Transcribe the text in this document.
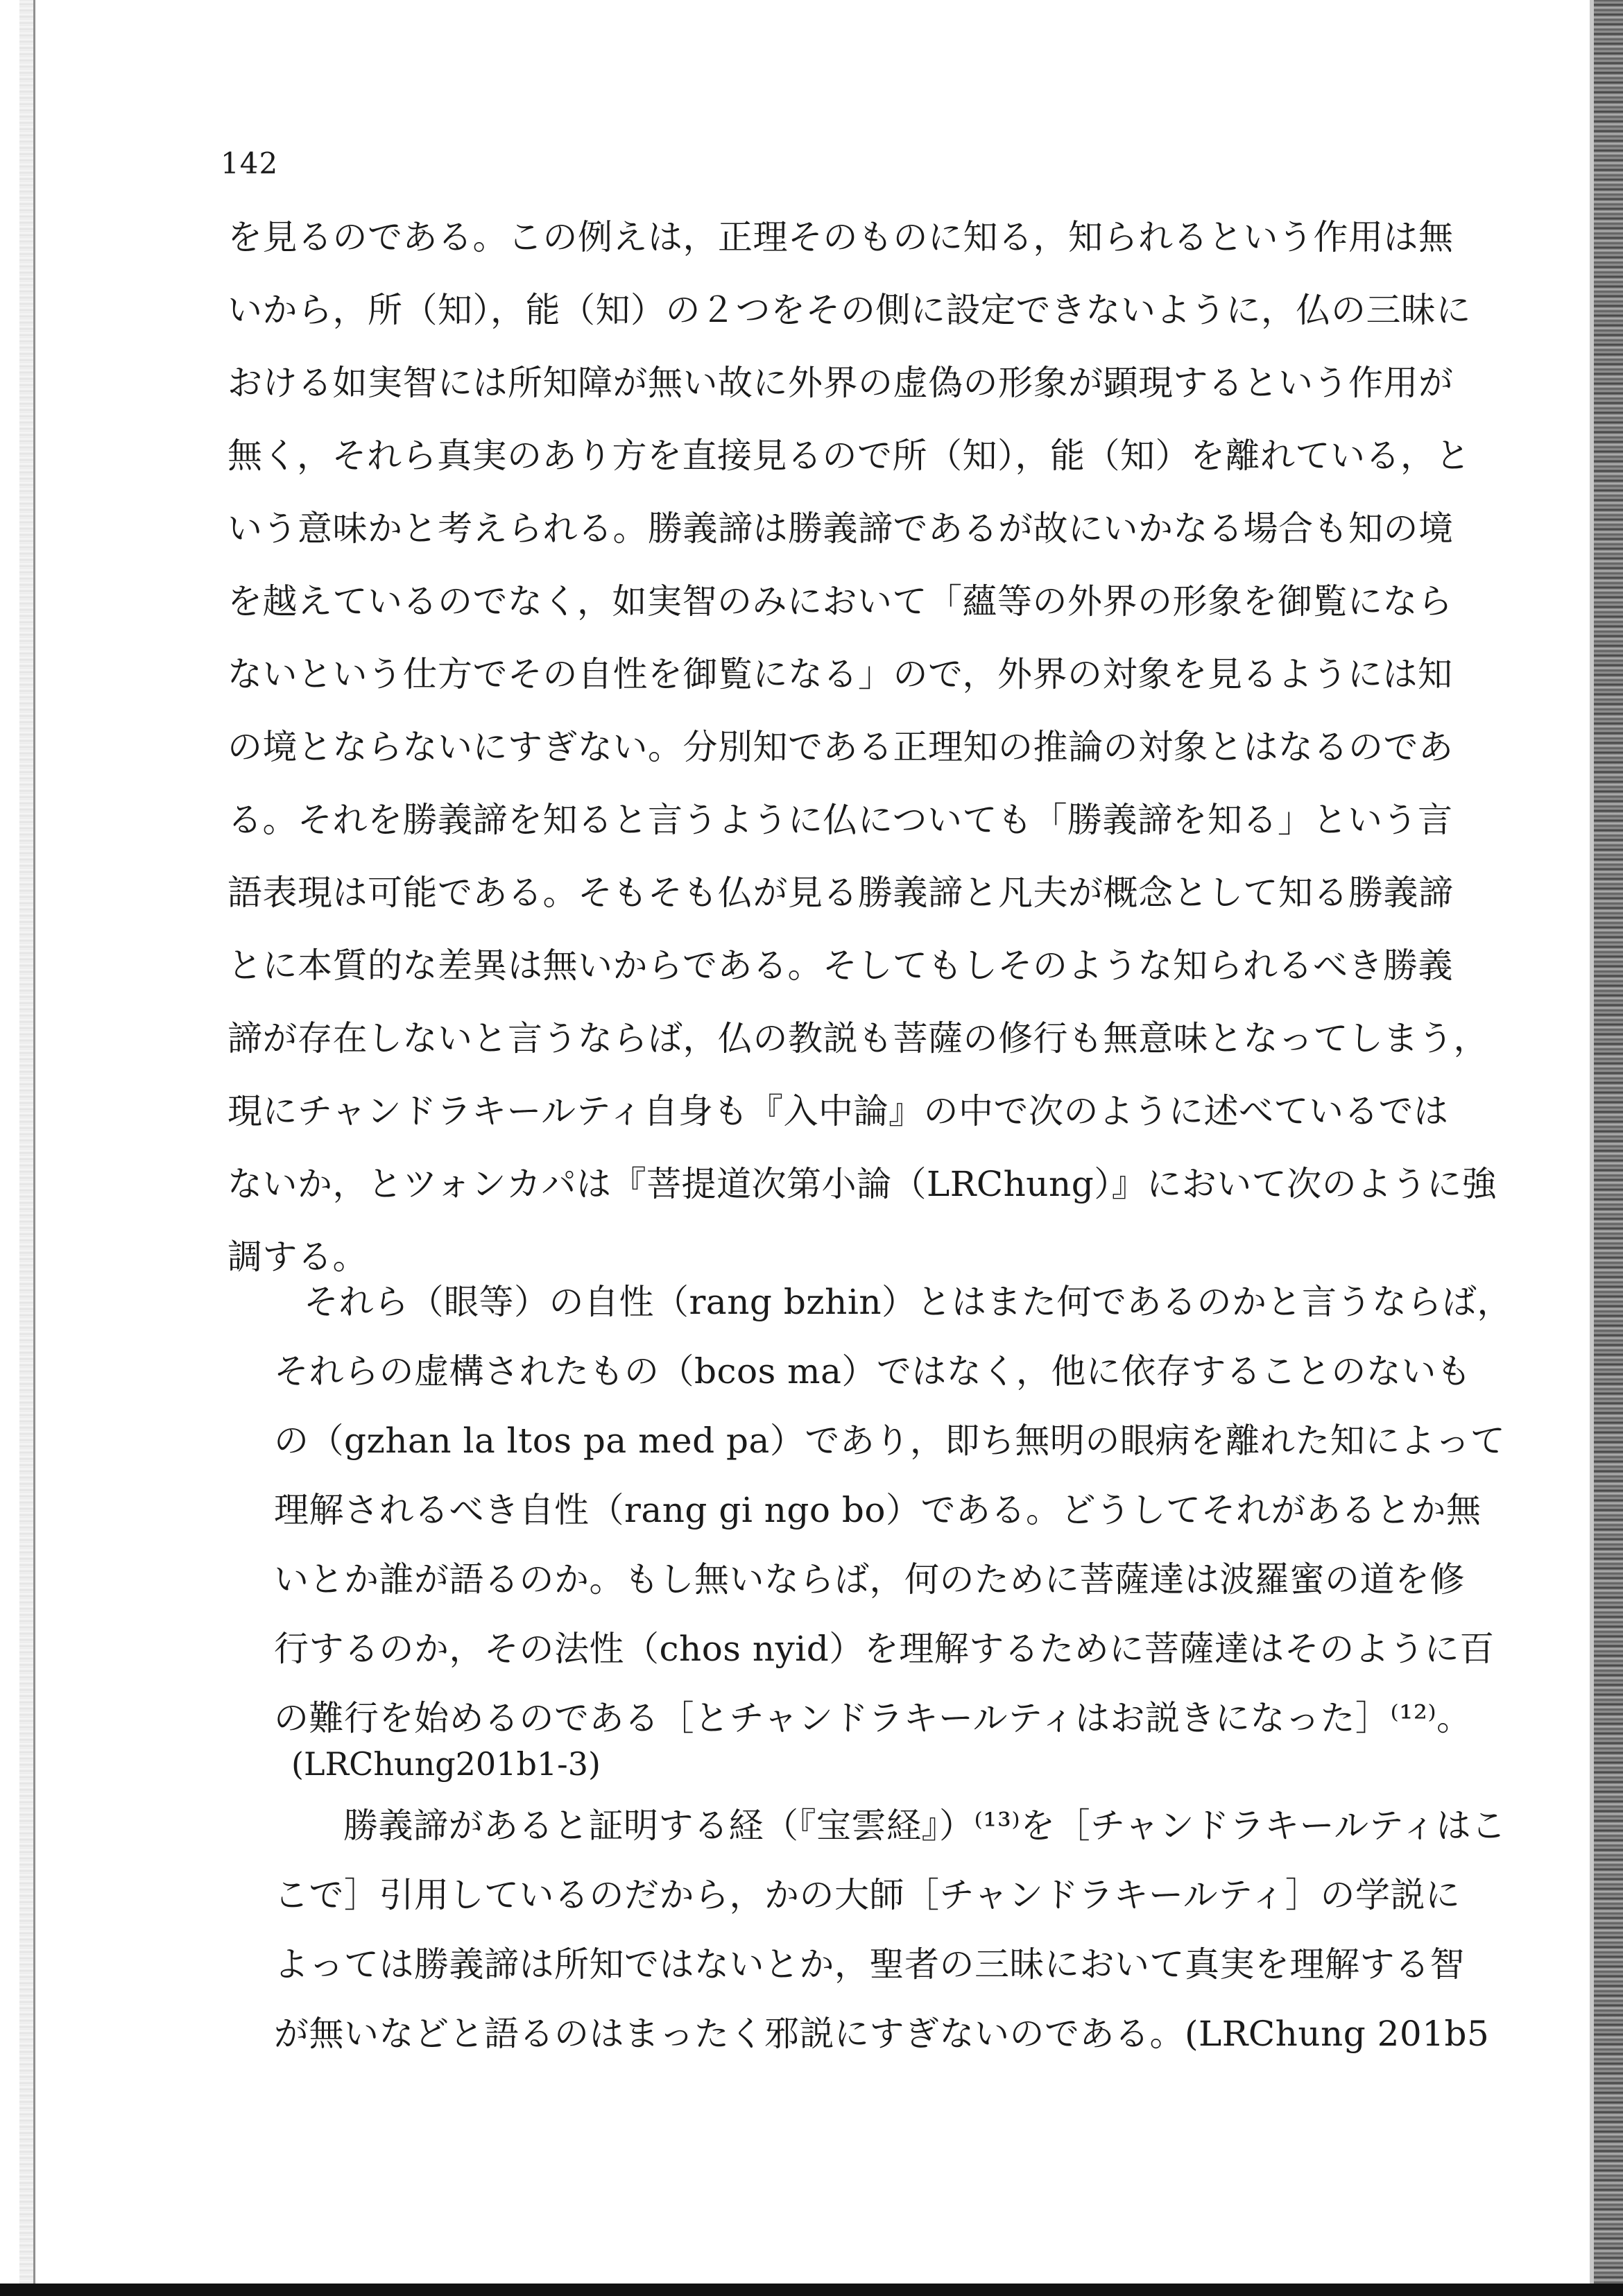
142
を見るのである。この例えは，正理そのものに知る，知られるという作用は無
いから，所（知），能（知）の２つをその側に設定できないように，仏の三昧に
おける如実智には所知障が無い故に外界の虚偽の形象が顕現するという作用が
無く，それら真実のあり方を直接見るので所（知），能（知）を離れている，と
いう意味かと考えられる。勝義諦は勝義諦であるが故にいかなる場合も知の境
を越えているのでなく，如実智のみにおいて「蘊等の外界の形象を御覧になら
ないという仕方でその自性を御覧になる」ので，外界の対象を見るようには知
の境とならないにすぎない。分別知である正理知の推論の対象とはなるのであ
る。それを勝義諦を知ると言うように仏についても「勝義諦を知る」という言
語表現は可能である。そもそも仏が見る勝義諦と凡夫が概念として知る勝義諦
とに本質的な差異は無いからである。そしてもしそのような知られるべき勝義
諦が存在しないと言うならば，仏の教説も菩薩の修行も無意味となってしまう，
現にチャンドラキールティ自身も『入中論』の中で次のように述べているでは
ないか，とツォンカパは『菩提道次第小論（LRChung）』において次のように強
調する。
それら（眼等）の自性（rang bzhin）とはまた何であるのかと言うならば，
それらの虚構されたもの（bcos ma）ではなく，他に依存することのないも
の（gzhan la ltos pa med pa）であり，即ち無明の眼病を離れた知によって
理解されるべき自性（rang gi ngo bo）である。どうしてそれがあるとか無
いとか誰が語るのか。もし無いならば，何のために菩薩達は波羅蜜の道を修
行するのか，その法性（chos nyid）を理解するために菩薩達はそのように百
の難行を始めるのである［とチャンドラキールティはお説きになった］⁽¹²⁾。
(LRChung201b1-3)
勝義諦があると証明する経（『宝雲経』）⁽¹³⁾を［チャンドラキールティはこ
こで］引用しているのだから，かの大師［チャンドラキールティ］の学説に
よっては勝義諦は所知ではないとか，聖者の三昧において真実を理解する智
が無いなどと語るのはまったく邪説にすぎないのである。(LRChung 201b5
